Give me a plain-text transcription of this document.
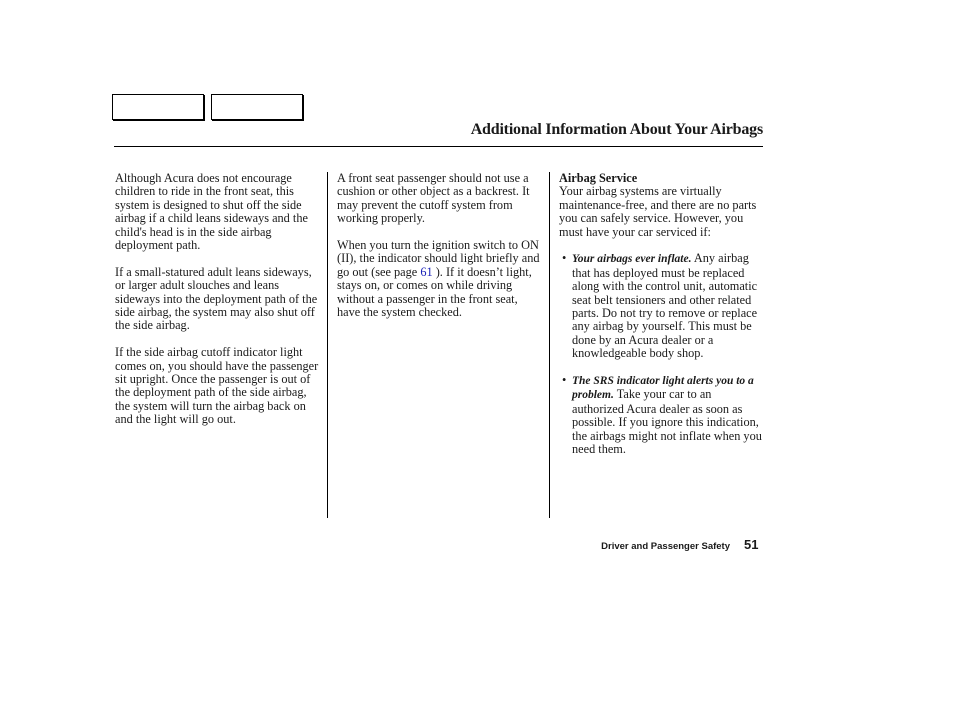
Additional Information About Your Airbags

Although Acura does not encourage children to ride in the front seat, this system is designed to shut off the side airbag if a child leans sideways and the child's head is in the side airbag deployment path.

If a small-statured adult leans sideways, or larger adult slouches and leans sideways into the deployment path of the side airbag, the system may also shut off the side airbag.

If the side airbag cutoff indicator light comes on, you should have the passenger sit upright. Once the passenger is out of the deployment path of the side airbag, the system will turn the airbag back on and the light will go out.

A front seat passenger should not use a cushion or other object as a backrest. It may prevent the cutoff system from working properly.

When you turn the ignition switch to ON (II), the indicator should light briefly and go out (see page 61 ). If it doesn’t light, stays on, or comes on while driving without a passenger in the front seat, have the system checked.

Airbag Service

Your airbag systems are virtually maintenance-free, and there are no parts you can safely service. However, you must have your car serviced if:

• Your airbags ever inflate. Any airbag that has deployed must be replaced along with the control unit, automatic seat belt tensioners and other related parts. Do not try to remove or replace any airbag by yourself. This must be done by an Acura dealer or a knowledgeable body shop.
• The SRS indicator light alerts you to a problem. Take your car to an authorized Acura dealer as soon as possible. If you ignore this indication, the airbags might not inflate when you need them.
Driver and Passenger Safety 51
